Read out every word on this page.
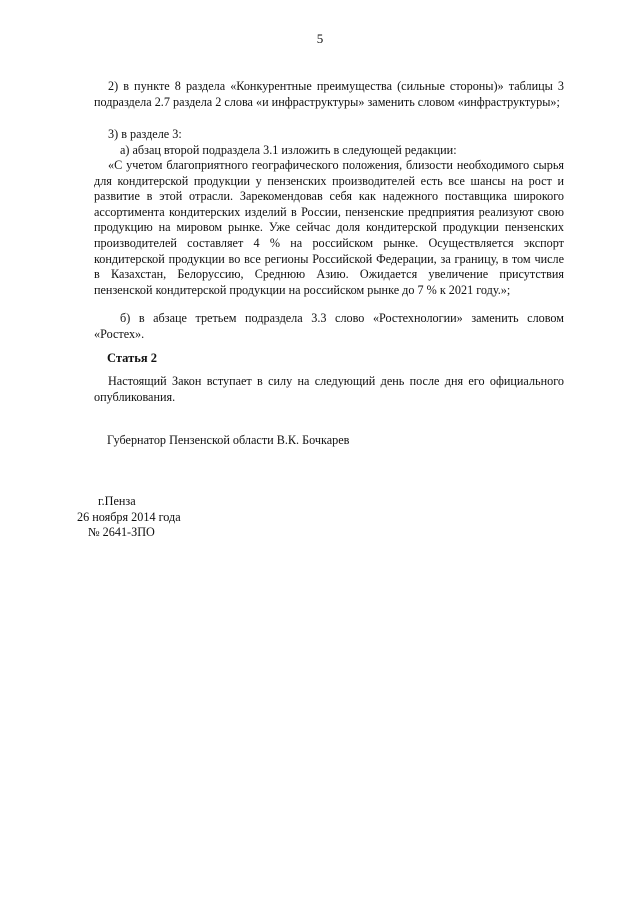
5

2) в пункте 8 раздела «Конкурентные преимущества (сильные стороны)» таблицы 3 подраздела 2.7 раздела 2 слова «и инфраструктуры» заменить словом «инфраструктуры»;

3) в разделе 3:

а) абзац второй подраздела 3.1 изложить в следующей редакции:

«С учетом благоприятного географического положения, близости необходимого сырья для кондитерской продукции у пензенских производителей есть все шансы на рост и развитие в этой отрасли. Зарекомендовав себя как надежного поставщика широкого ассортимента кондитерских изделий в России, пензенские предприятия реализуют свою продукцию на мировом рынке. Уже сейчас доля кондитерской продукции пензенских производителей составляет 4 % на российском рынке. Осуществляется экспорт кондитерской продукции во все регионы Российской Федерации, за границу, в том числе в Казахстан, Белоруссию, Среднюю Азию. Ожидается увеличение присутствия пензенской кондитерской продукции на российском рынке до 7 % к 2021 году.»;

б) в абзаце третьем подраздела 3.3 слово «Ростехнологии» заменить словом «Ростех».

Статья 2

Настоящий Закон вступает в силу на следующий день после дня его официального опубликования.

Губернатор Пензенской области В.К. Бочкарев
г.Пенза
26 ноября 2014 года
№ 2641-ЗПО
